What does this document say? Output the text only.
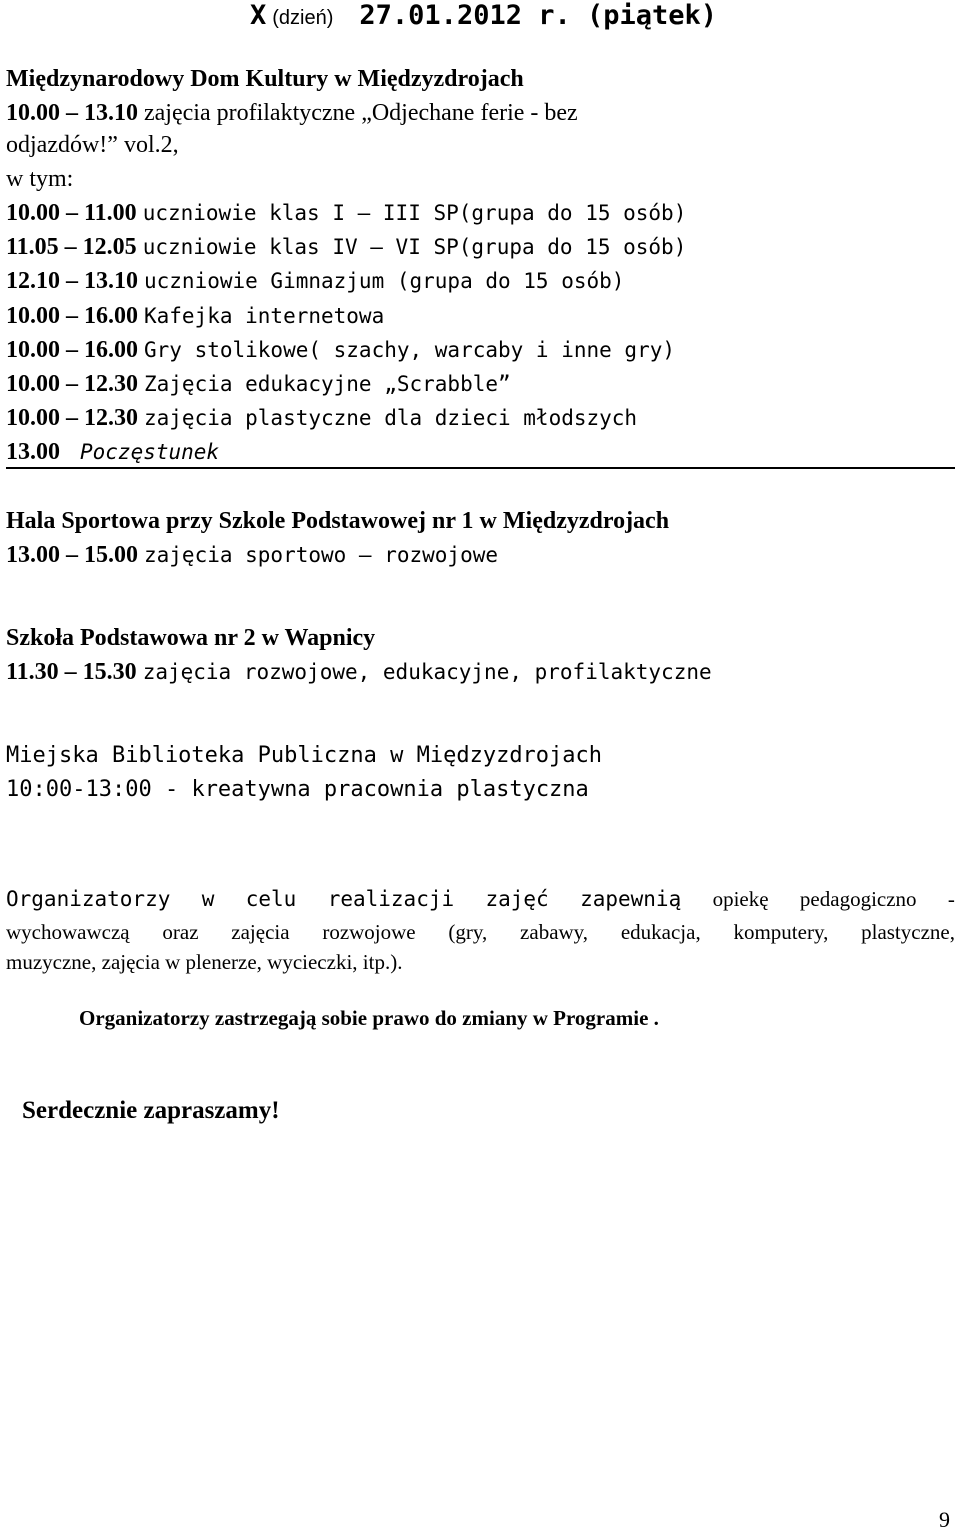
X (dzień) 27.01.2012 r. (piątek)
Międzynarodowy Dom Kultury w Międzyzdrojach
10.00 – 13.10 zajęcia profilaktyczne „Odjechane ferie - bez
odjazdów!” vol.2,
w tym:
10.00 – 11.00 uczniowie klas I – III SP(grupa do 15 osób)
11.05 – 12.05 uczniowie klas IV – VI SP(grupa do 15 osób)
12.10 – 13.10 uczniowie Gimnazjum (grupa do 15 osób)
10.00 – 16.00 Kafejka internetowa
10.00 – 16.00 Gry stolikowe( szachy, warcaby i inne gry)
10.00 – 12.30 Zajęcia edukacyjne „Scrabble”
10.00 – 12.30 zajęcia plastyczne dla dzieci młodszych
13.00 Poczęstunek
Hala Sportowa przy Szkole Podstawowej nr 1 w Międzyzdrojach
13.00 – 15.00 zajęcia sportowo – rozwojowe
Szkoła Podstawowa nr 2 w Wapnicy
11.30 – 15.30 zajęcia rozwojowe, edukacyjne, profilaktyczne
Miejska Biblioteka Publiczna w Międzyzdrojach
10:00-13:00 - kreatywna pracownia plastyczna
Organizatorzy w celu realizacji zajęć zapewnią opiekę pedagogiczno -
wychowawczą oraz zajęcia rozwojowe (gry, zabawy, edukacja, komputery, plastyczne,
muzyczne, zajęcia w plenerze, wycieczki, itp.).
Organizatorzy zastrzegają sobie prawo do zmiany w Programie .
Serdecznie zapraszamy!
9
